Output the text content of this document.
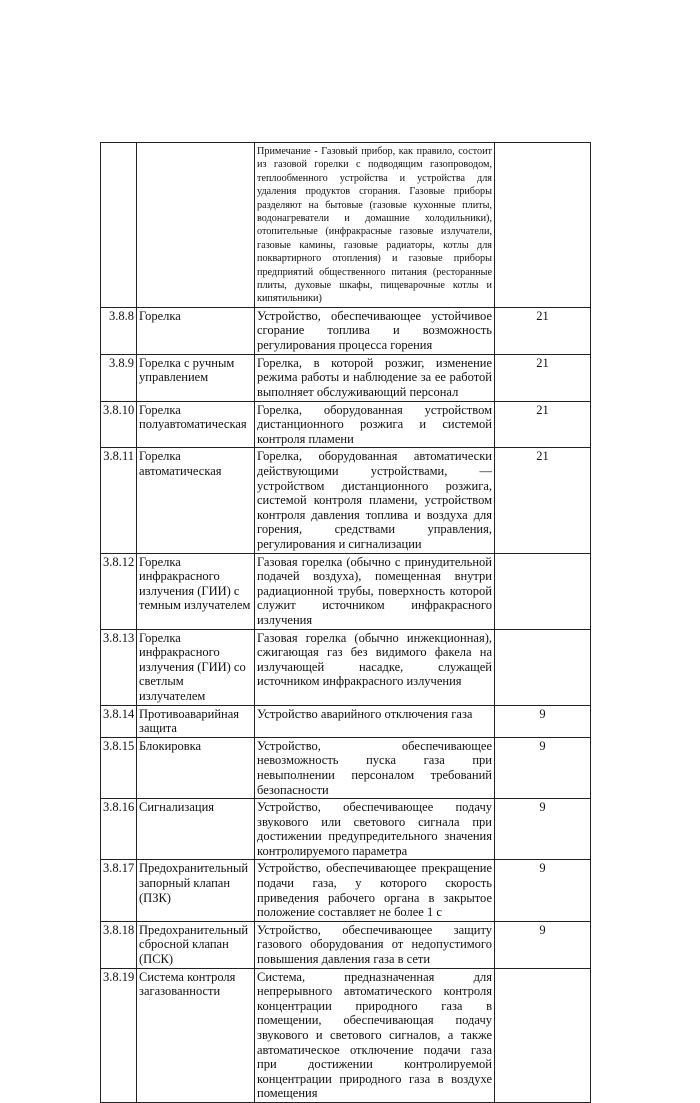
		Примечание - Газовый прибор, как правило, состоит из газовой горелки с подводящим газопроводом, теплообменного устройства и устройства для удаления продуктов сгорания. Газовые приборы разделяют на бытовые (газовые кухонные плиты, водонагреватели и домашние холодильники), отопительные (инфракрасные газовые излучатели, газовые камины, газовые радиаторы, котлы для поквартирного отопления) и газовые приборы предприятий общественного питания (ресторанные плиты, духовые шкафы, пищеварочные котлы и кипятильники)	
3.8.8	Горелка	Устройство, обеспечивающее устойчивое сгорание топлива и возможность регулирования процесса горения	21
3.8.9	Горелка с ручным управлением	Горелка, в которой розжиг, изменение режима работы и наблюдение за ее работой выполняет обслуживающий персонал	21
3.8.10	Горелка полуавтоматическая	Горелка, оборудованная устройством дистанционного розжига и системой контроля пламени	21
3.8.11	Горелка автоматическая	Горелка, оборудованная автоматически действующими устройствами, — устройством дистанционного розжига, системой контроля пламени, устройством контроля давления топлива и воздуха для горения, средствами управления, регулирования и сигнализации	21
3.8.12	Горелка инфракрасного излучения (ГИИ) с темным излучателем	Газовая горелка (обычно с принудительной подачей воздуха), помещенная внутри радиационной трубы, поверхность которой служит источником инфракрасного излучения	
3.8.13	Горелка инфракрасного излучения (ГИИ) со светлым излучателем	Газовая горелка (обычно инжекционная), сжигающая газ без видимого факела на излучающей насадке, служащей источником инфракрасного излучения	
3.8.14	Противоаварийная защита	Устройство аварийного отключения газа	9
3.8.15	Блокировка	Устройство, обеспечивающее невозможность пуска газа при невыполнении персоналом требований безопасности	9
3.8.16	Сигнализация	Устройство, обеспечивающее подачу звукового или светового сигнала при достижении предупредительного значения контролируемого параметра	9
3.8.17	Предохранительный запорный клапан (ПЗК)	Устройство, обеспечивающее прекращение подачи газа, у которого скорость приведения рабочего органа в закрытое положение составляет не более 1 с	9
3.8.18	Предохранительный сбросной клапан (ПСК)	Устройство, обеспечивающее защиту газового оборудования от недопустимого повышения давления газа в сети	9
3.8.19	Система контроля загазованности	Система, предназначенная для непрерывного автоматического контроля концентрации природного газа в помещении, обеспечивающая подачу звукового и светового сигналов, а также автоматическое отключение подачи газа при достижении контролируемой концентрации природного газа в воздухе помещения	
